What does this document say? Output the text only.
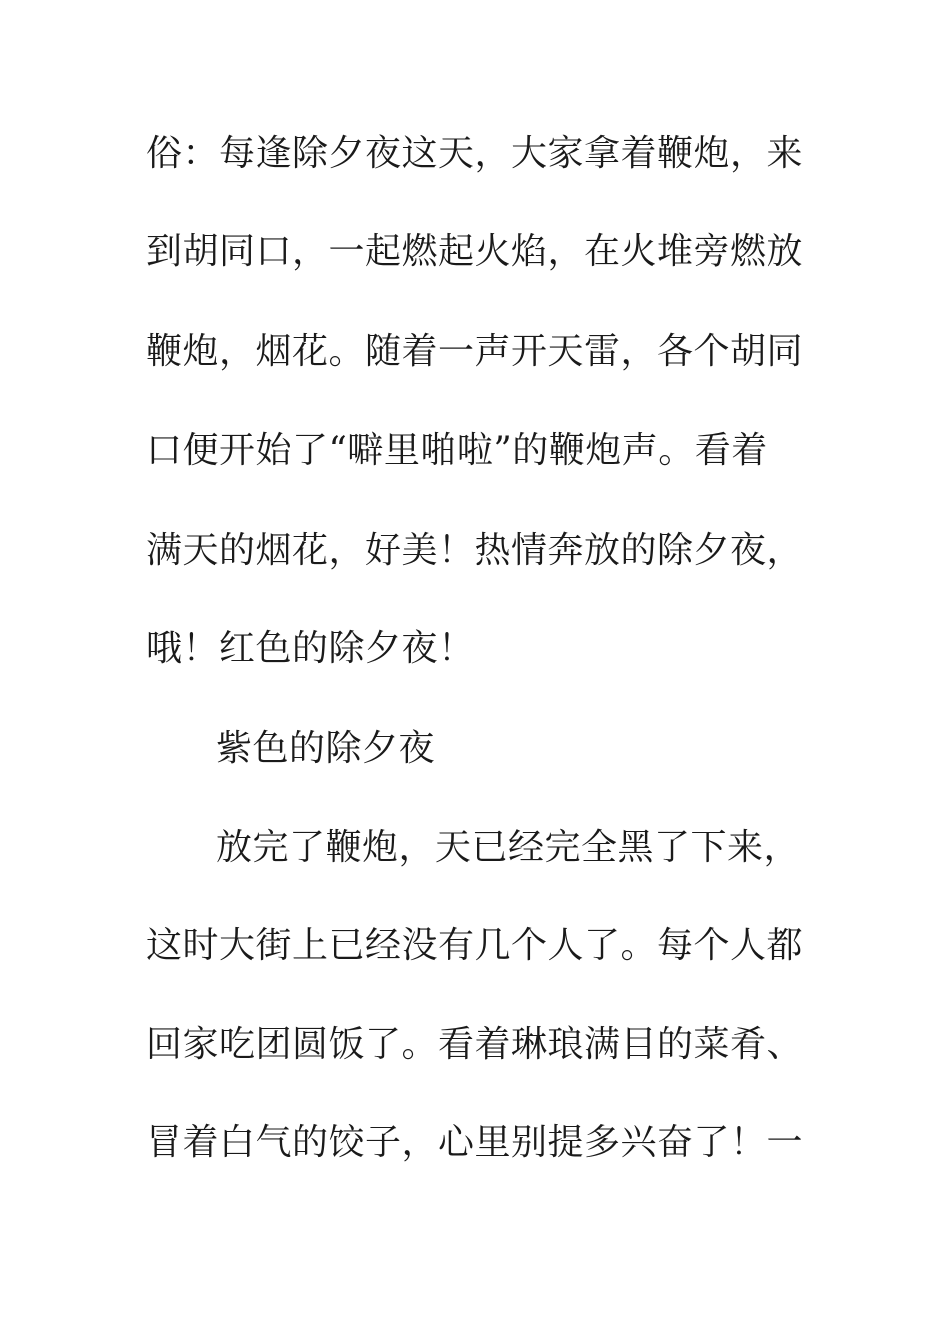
俗：每逢除夕夜这天，大家拿着鞭炮，来
到胡同口，一起燃起火焰，在火堆旁燃放
鞭炮，烟花。随着一声开天雷，各个胡同
口便开始了“噼里啪啦”的鞭炮声。看着
满天的烟花，好美！热情奔放的除夕夜，
哦！红色的除夕夜！
紫色的除夕夜
放完了鞭炮，天已经完全黑了下来，
这时大街上已经没有几个人了。每个人都
回家吃团圆饭了。看着琳琅满目的菜肴、
冒着白气的饺子，心里别提多兴奋了！一
